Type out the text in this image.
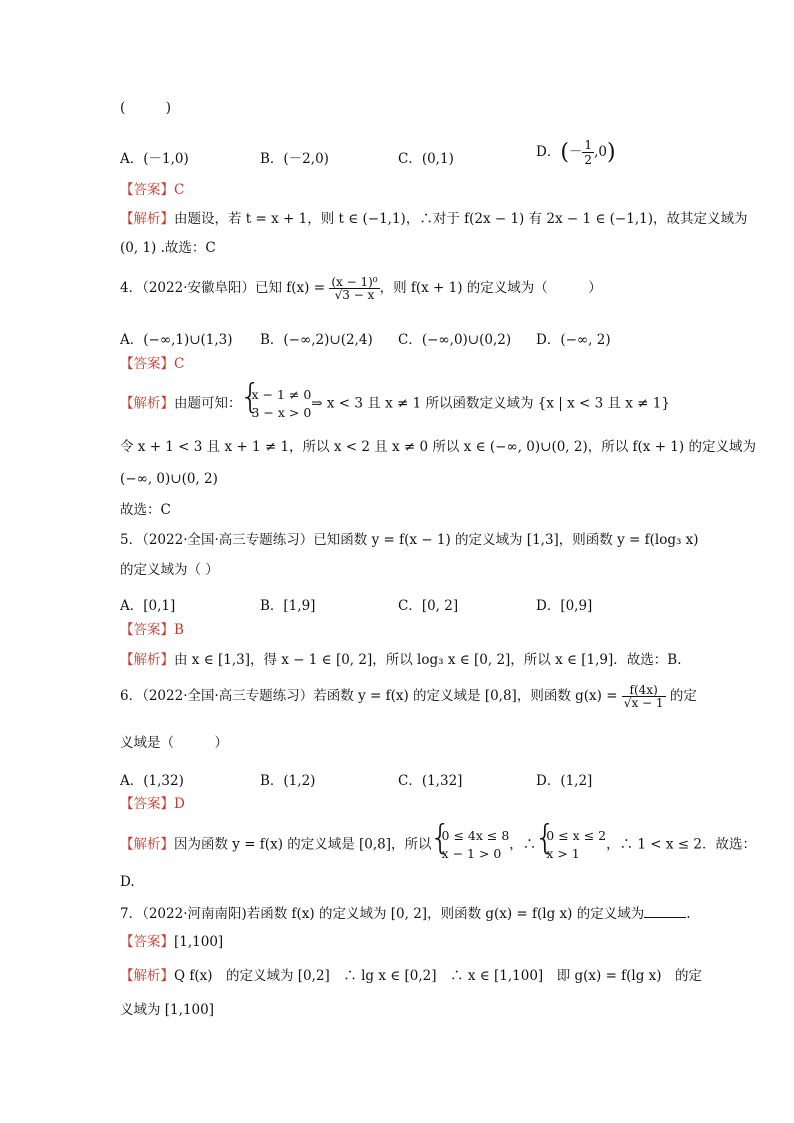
(　　　)
A．(－1,0)	B．(－2,0)	C．(0,1)	D．(－ $\frac{1}{2} ,0$)
【答案】C
【解析】由题设，若 t = x + 1，则 t ∈ (−1,1)，∴对于 f(2x − 1) 有 2x − 1 ∈ (−1,1)，故其定义域为
(0, 1) .故选：C
4．（2022·安徽阜阳）已知 $f(x) = \frac{\text{(x − 1)⁰}}{√3 - x}$ ，则 f(x + 1) 的定义域为（　　　）
A．(−∞,1)∪(1,3) B．(−∞,2)∪(2,4) C．(−∞,0)∪(0,2) D．(−∞, 2)
【答案】C
【解析】由题可知：
{ x − 1 ≠ 0
3 − x > 0
⇒ x < 3 且 x ≠ 1 所以函数定义域为 {x | x < 3 且 x ≠ 1}
令 x + 1 < 3 且 x + 1 ≠ 1，所以 x < 2 且 x ≠ 0 所以 x ∈ (−∞, 0)∪(0, 2)，所以 f(x + 1) 的定义域为
(−∞, 0)∪(0, 2)
故选：C
5．（2022·全国·高三专题练习）已知函数 y = f(x − 1) 的定义域为 [1,3]，则函数 y = f(log₃ x)
的定义域为（ ）
A．[0,1]	B．[1,9]	C．[0, 2]	D．[0,9]
【答案】B
【解析】由 x ∈ [1,3]，得 x − 1 ∈ [0, 2]，所以 log₃ x ∈ [0, 2]，所以 x ∈ [1,9]．故选：B．
6．（2022·全国·高三专题练习）若函数 y = f(x) 的定义域是 [0,8]，则函数 $g(x) = \frac{f(4x)}{√x - 1}$ 的定
义域是（　　　）
A．(1,32)	B．(1,2)	C．(1,32]	D．(1,2]
【答案】D
【解析】因为函数 y = f(x) 的定义域是 [0,8]，所以
{ 0 ≤ 4x ≤ 8
x − 1 > 0
，∴
{ 0 ≤ x ≤ 2
x > 1
，∴ 1 < x ≤ 2．故选：
D.
7．（2022·河南南阳)若函数 f(x) 的定义域为 [0, 2]，则函数 g(x) = f(lg x) 的定义域为	.
【答案】[1,100]
【解析】Q f(x)　的定义域为 [0,2]　∴ lg x ∈ [0,2]　∴ x ∈ [1,100]　即 g(x) = f(lg x)　的定
义域为 [1,100]
